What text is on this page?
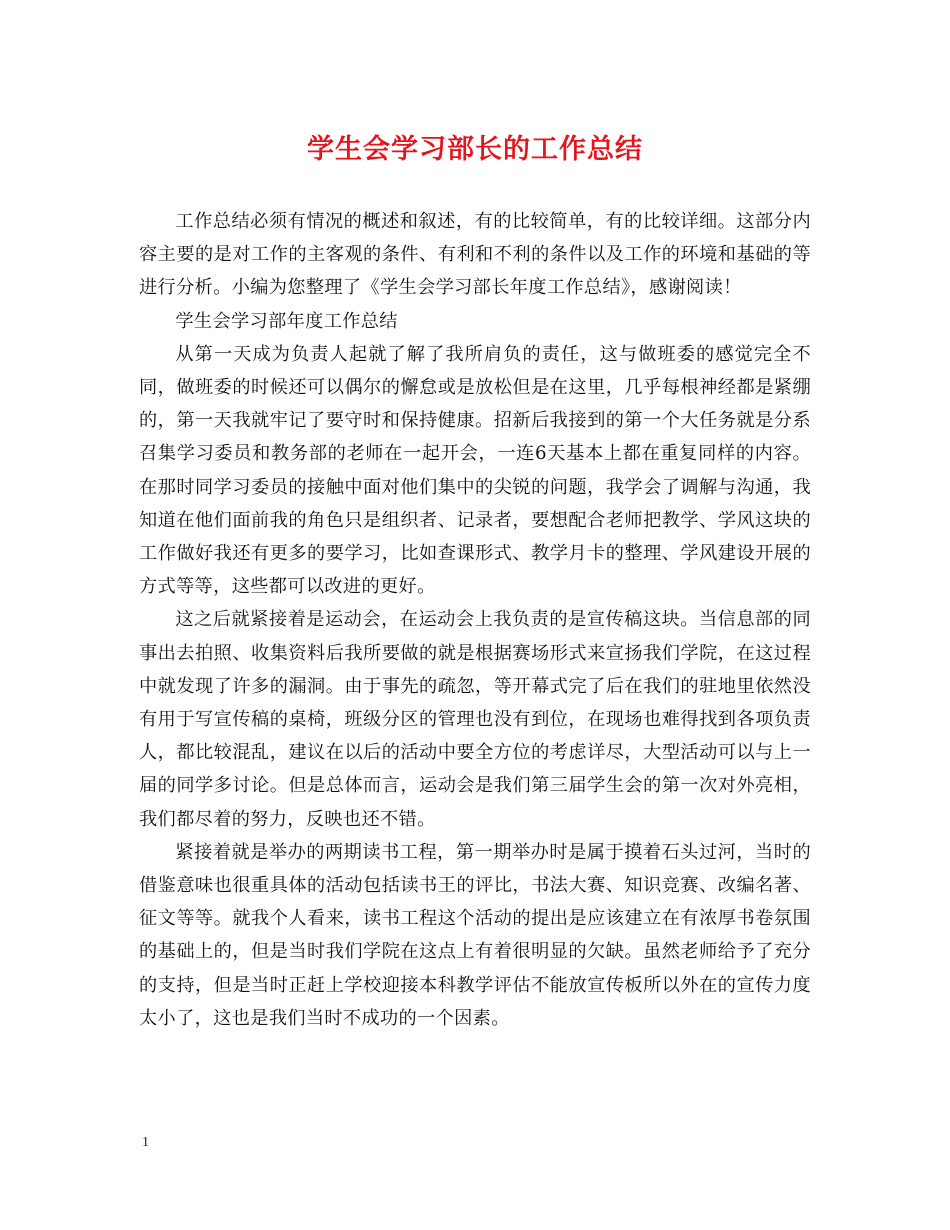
学生会学习部长的工作总结

工作总结必须有情况的概述和叙述，有的比较简单，有的比较详细。这部分内容主要的是对工作的主客观的条件、有利和不利的条件以及工作的环境和基础的等进行分析。小编为您整理了《学生会学习部长年度工作总结》，感谢阅读！

学生会学习部年度工作总结

从第一天成为负责人起就了解了我所肩负的责任，这与做班委的感觉完全不同，做班委的时候还可以偶尔的懈怠或是放松但是在这里，几乎每根神经都是紧绷的，第一天我就牢记了要守时和保持健康。招新后我接到的第一个大任务就是分系召集学习委员和教务部的老师在一起开会，一连6天基本上都在重复同样的内容。在那时同学习委员的接触中面对他们集中的尖锐的问题，我学会了调解与沟通，我知道在他们面前我的角色只是组织者、记录者，要想配合老师把教学、学风这块的工作做好我还有更多的要学习，比如查课形式、教学月卡的整理、学风建设开展的方式等等，这些都可以改进的更好。

这之后就紧接着是运动会，在运动会上我负责的是宣传稿这块。当信息部的同事出去拍照、收集资料后我所要做的就是根据赛场形式来宣扬我们学院，在这过程中就发现了许多的漏洞。由于事先的疏忽，等开幕式完了后在我们的驻地里依然没有用于写宣传稿的桌椅，班级分区的管理也没有到位，在现场也难得找到各项负责人，都比较混乱，建议在以后的活动中要全方位的考虑详尽，大型活动可以与上一届的同学多讨论。但是总体而言，运动会是我们第三届学生会的第一次对外亮相，我们都尽着的努力，反映也还不错。

紧接着就是举办的两期读书工程，第一期举办时是属于摸着石头过河，当时的借鉴意味也很重具体的活动包括读书王的评比，书法大赛、知识竞赛、改编名著、征文等等。就我个人看来，读书工程这个活动的提出是应该建立在有浓厚书卷氛围的基础上的，但是当时我们学院在这点上有着很明显的欠缺。虽然老师给予了充分的支持，但是当时正赶上学校迎接本科教学评估不能放宣传板所以外在的宣传力度太小了，这也是我们当时不成功的一个因素。

1
